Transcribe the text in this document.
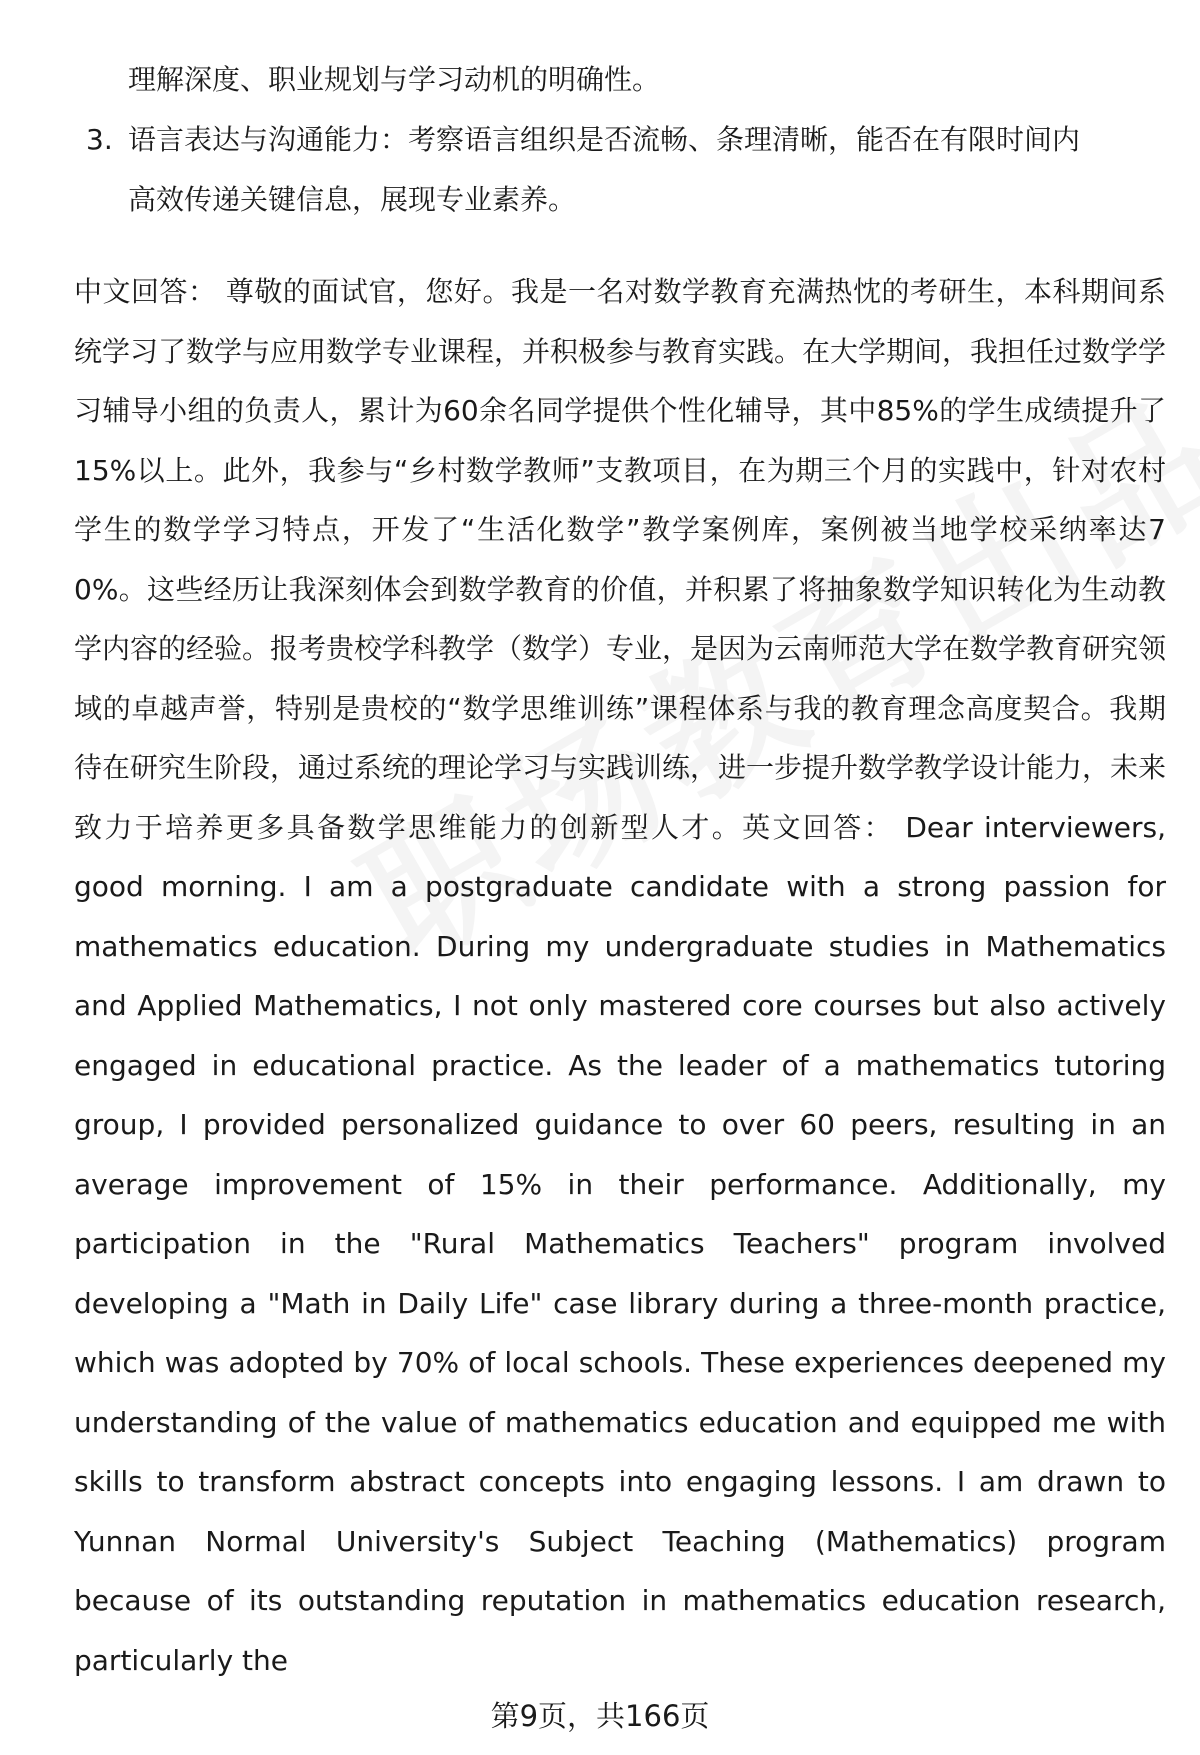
理解深度、职业规划与学习动机的明确性。
3. 语言表达与沟通能力：考察语言组织是否流畅、条理清晰，能否在有限时间内
高效传递关键信息，展现专业素养。
中文回答： 尊敬的面试官，您好。我是一名对数学教育充满热忱的考研生，本科期间系统学习了数学与应用数学专业课程，并积极参与教育实践。在大学期间，我担任过数学学习辅导小组的负责人，累计为60余名同学提供个性化辅导，其中85%的学生成绩提升了15%以上。此外，我参与“乡村数学教师”支教项目，在为期三个月的实践中，针对农村学生的数学学习特点，开发了“生活化数学”教学案例库，案例被当地学校采纳率达70%。这些经历让我深刻体会到数学教育的价值，并积累了将抽象数学知识转化为生动教学内容的经验。报考贵校学科教学（数学）专业，是因为云南师范大学在数学教育研究领域的卓越声誉，特别是贵校的“数学思维训练”课程体系与我的教育理念高度契合。我期待在研究生阶段，通过系统的理论学习与实践训练，进一步提升数学教学设计能力，未来致力于培养更多具备数学思维能力的创新型人才。英文回答： Dear interviewers, good morning. I am a postgraduate candidate with a strong passion for mathematics education. During my undergraduate studies in Mathematics and Applied Mathematics, I not only mastered core courses but also actively engaged in educational practice. As the leader of a mathematics tutoring group, I provided personalized guidance to over 60 peers, resulting in an average improvement of 15% in their performance. Additionally, my participation in the "Rural Mathematics Teachers" program involved developing a "Math in Daily Life" case library during a three-month practice, which was adopted by 70% of local schools. These experiences deepened my understanding of the value of mathematics education and equipped me with skills to transform abstract concepts into engaging lessons. I am drawn to Yunnan Normal University's Subject Teaching (Mathematics) program because of its outstanding reputation in mathematics education research, particularly the
第9页，共166页
